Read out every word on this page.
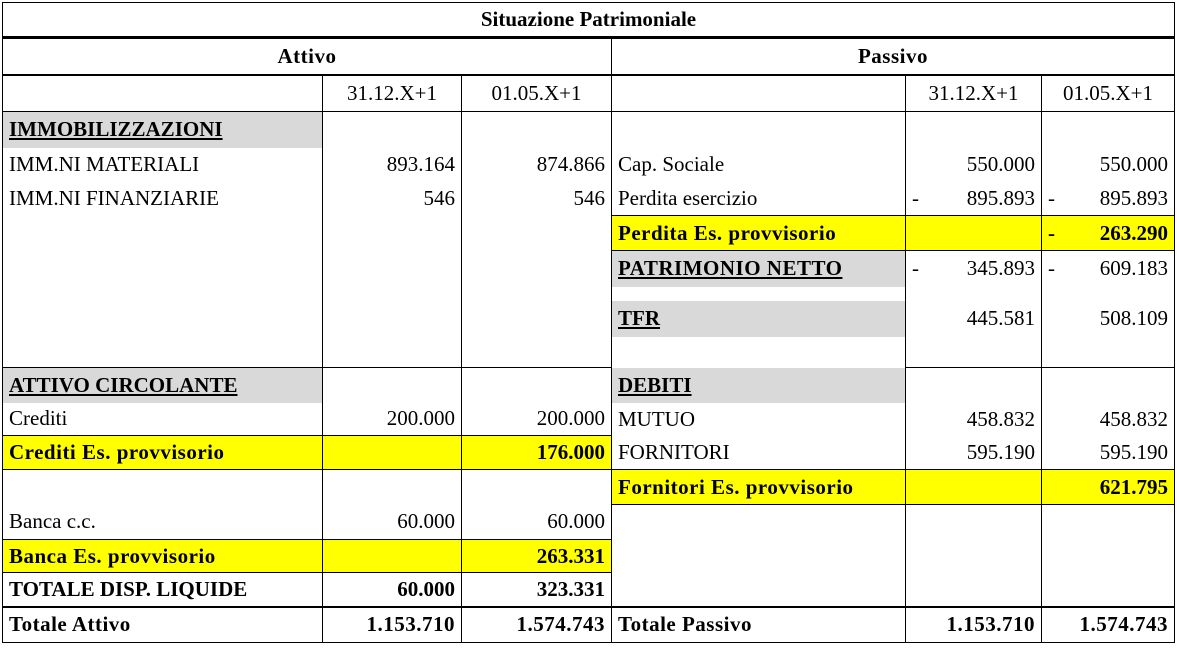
Situazione Patrimoniale					
Attivo			Passivo		
	31.12.X+1	01.05.X+1		31.12.X+1	01.05.X+1
IMMOBILIZZAZIONI					
IMM.NI MATERIALI	893.164	874.866	Cap. Sociale	550.000	550.000
IMM.NI FINANZIARIE	546	546	Perdita esercizio	- 895.893	- 895.893

			Perdita Es. provvisorio		- 263.290

			PATRIMONIO NETTO	- 345.893	- 609.183

			TFR	445.581	508.109

ATTIVO CIRCOLANTE			DEBITI		
Crediti	200.000	200.000	MUTUO	458.832	458.832
Crediti Es. provvisorio		176.000	FORNITORI	595.190	595.190
			Fornitori Es. provvisorio		621.795
Banca c.c.	60.000	60.000			
Banca Es. provvisorio		263.331			
TOTALE DISP. LIQUIDE	60.000	323.331			
Totale Attivo	1.153.710	1.574.743	Totale Passivo	1.153.710	1.574.743
